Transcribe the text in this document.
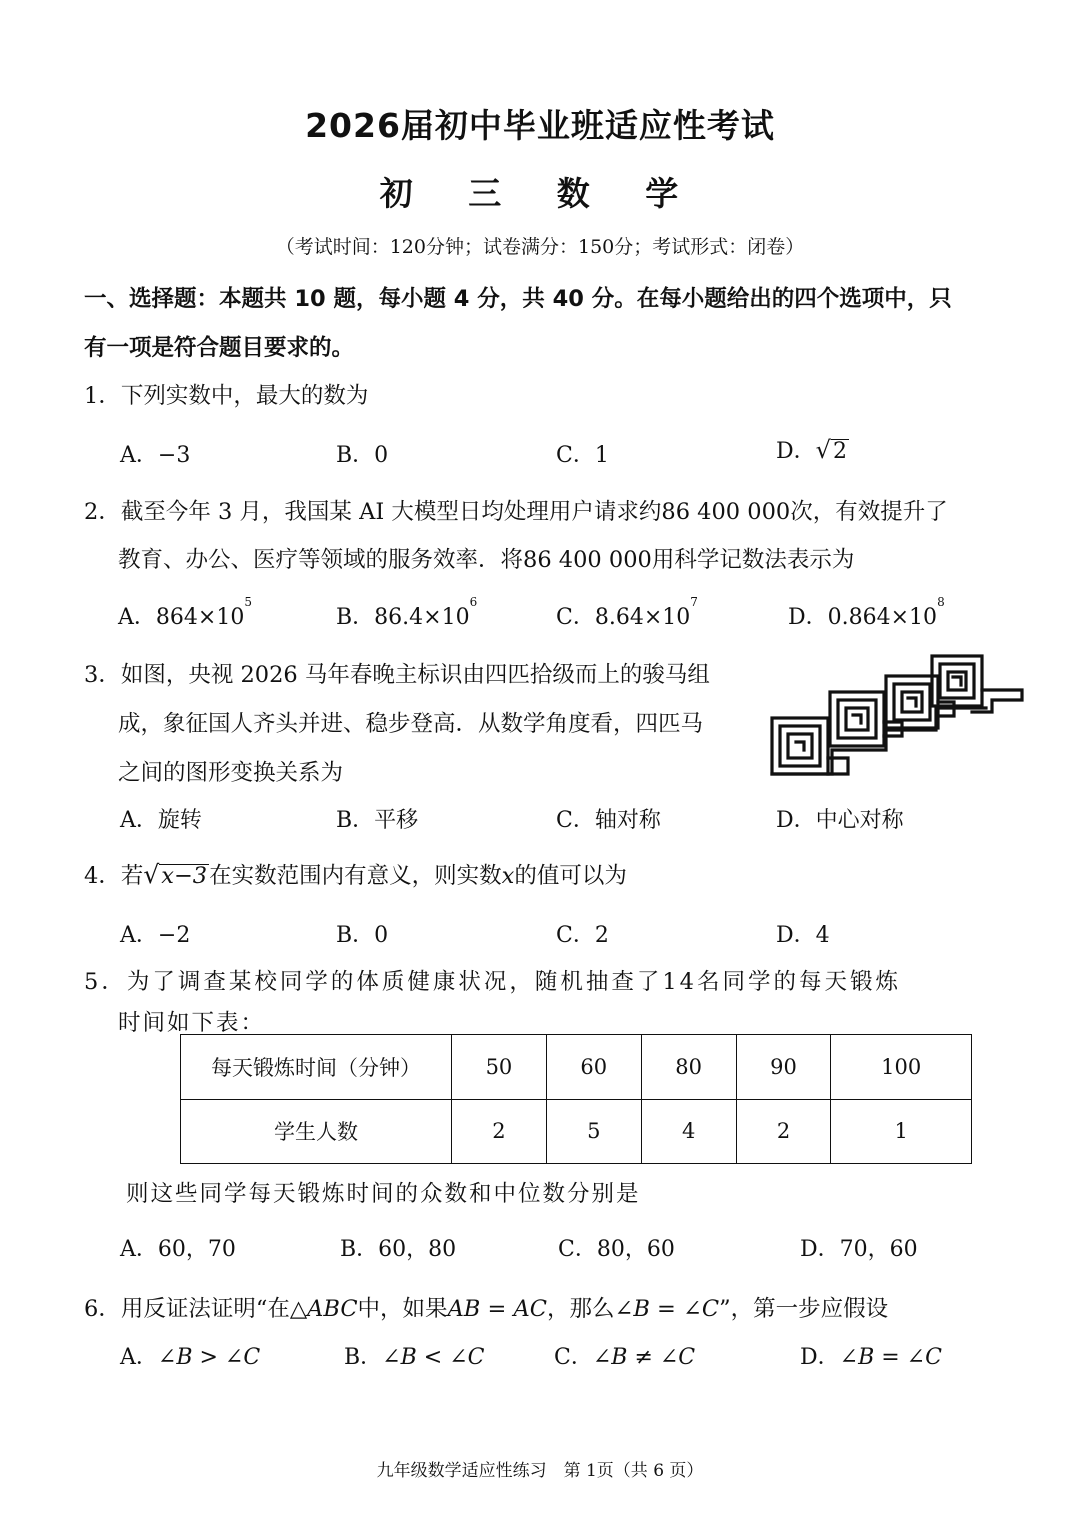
2026届初中毕业班适应性考试
初 三 数 学
（考试时间：120分钟；试卷满分：150分；考试形式：闭卷）
一、选择题：本题共 10 题，每小题 4 分，共 40 分。在每小题给出的四个选项中，只
有一项是符合题目要求的。
1．下列实数中，最大的数为
A．−3	B．0	C．1	D．√2
2．截至今年 3 月，我国某 AI 大模型日均处理用户请求约86 400 000次，有效提升了
教育、办公、医疗等领域的服务效率．将86 400 000用科学记数法表示为
A．$864\times 10^5$
B．$86.4\times 10^6$
C．$8.64\times 10^7$
D．$0.864\times 10^8$
3．如图，央视 2026 马年春晚主标识由四匹拾级而上的骏马组
成，象征国人齐头并进、稳步登高．从数学角度看，四匹马
之间的图形变换关系为
A．旋转	B．平移	C．轴对称	D．中心对称
4．若√x−3在实数范围内有意义，则实数x的值可以为
A．−2	B．0	C．2	D．4
5．为了调查某校同学的体质健康状况，随机抽查了14名同学的每天锻炼
时间如下表：
每天锻炼时间（分钟）	50	60	80	90	100
学生人数	2	5	4	2	1
则这些同学每天锻炼时间的众数和中位数分别是
A．60，70	B．60，80	C．80，60	D．70，60
6．用反证法证明“在△ABC中，如果AB = AC，那么∠B = ∠C”，第一步应假设
A．∠B > ∠C	B．∠B < ∠C	C．∠B ≠ ∠C	D．∠B = ∠C
九年级数学适应性练习　第 1页（共 6 页）
